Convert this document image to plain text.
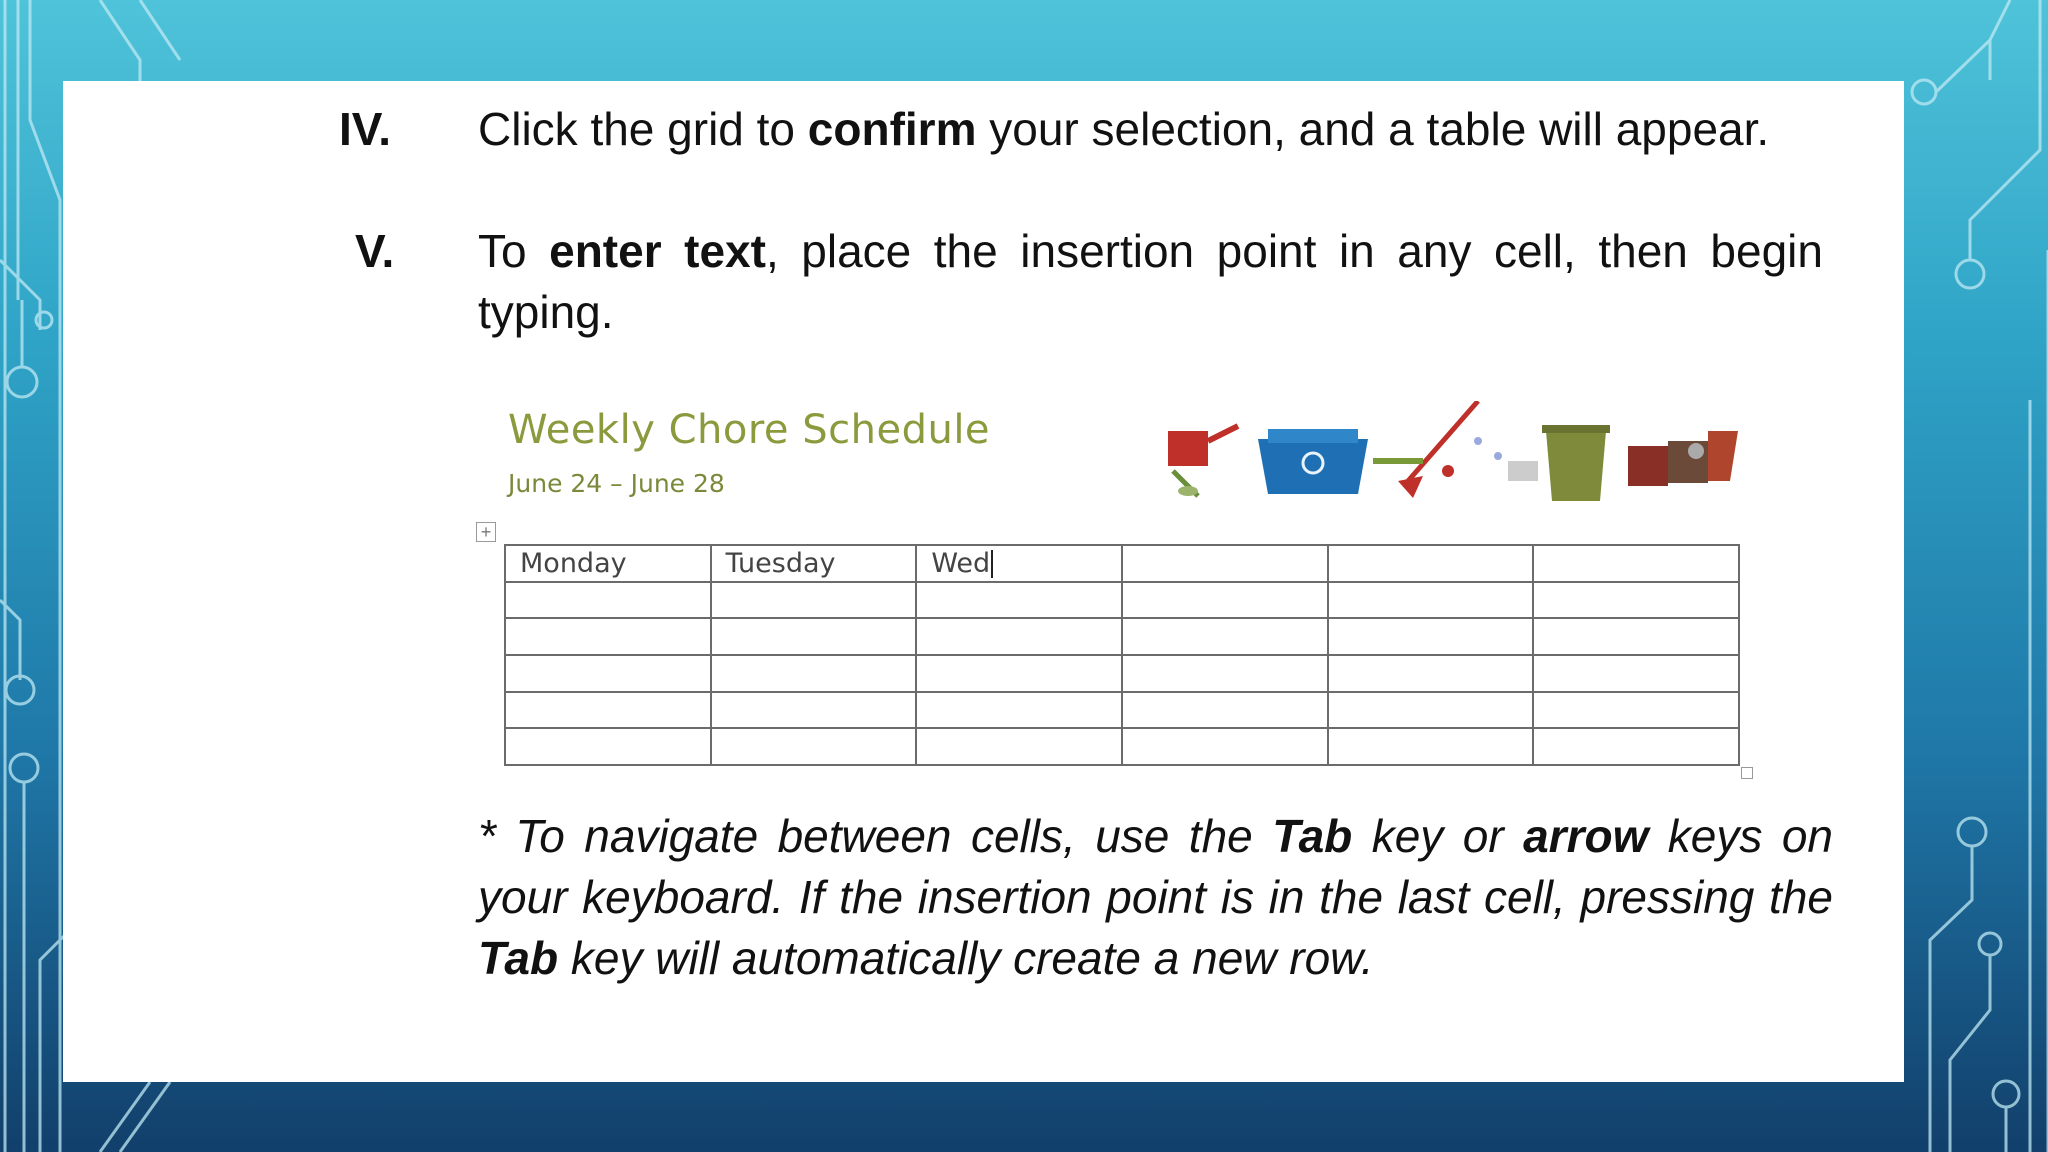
IV. Click the grid to confirm your selection, and a table will appear.
V. To enter text, place the insertion point in any cell, then begin typing.
Weekly Chore Schedule
June 24 – June 28
+
Monday	Tuesday	Wed			

* To navigate between cells, use the Tab key or arrow keys on your keyboard. If the insertion point is in the last cell, pressing the Tab key will automatically create a new row.
